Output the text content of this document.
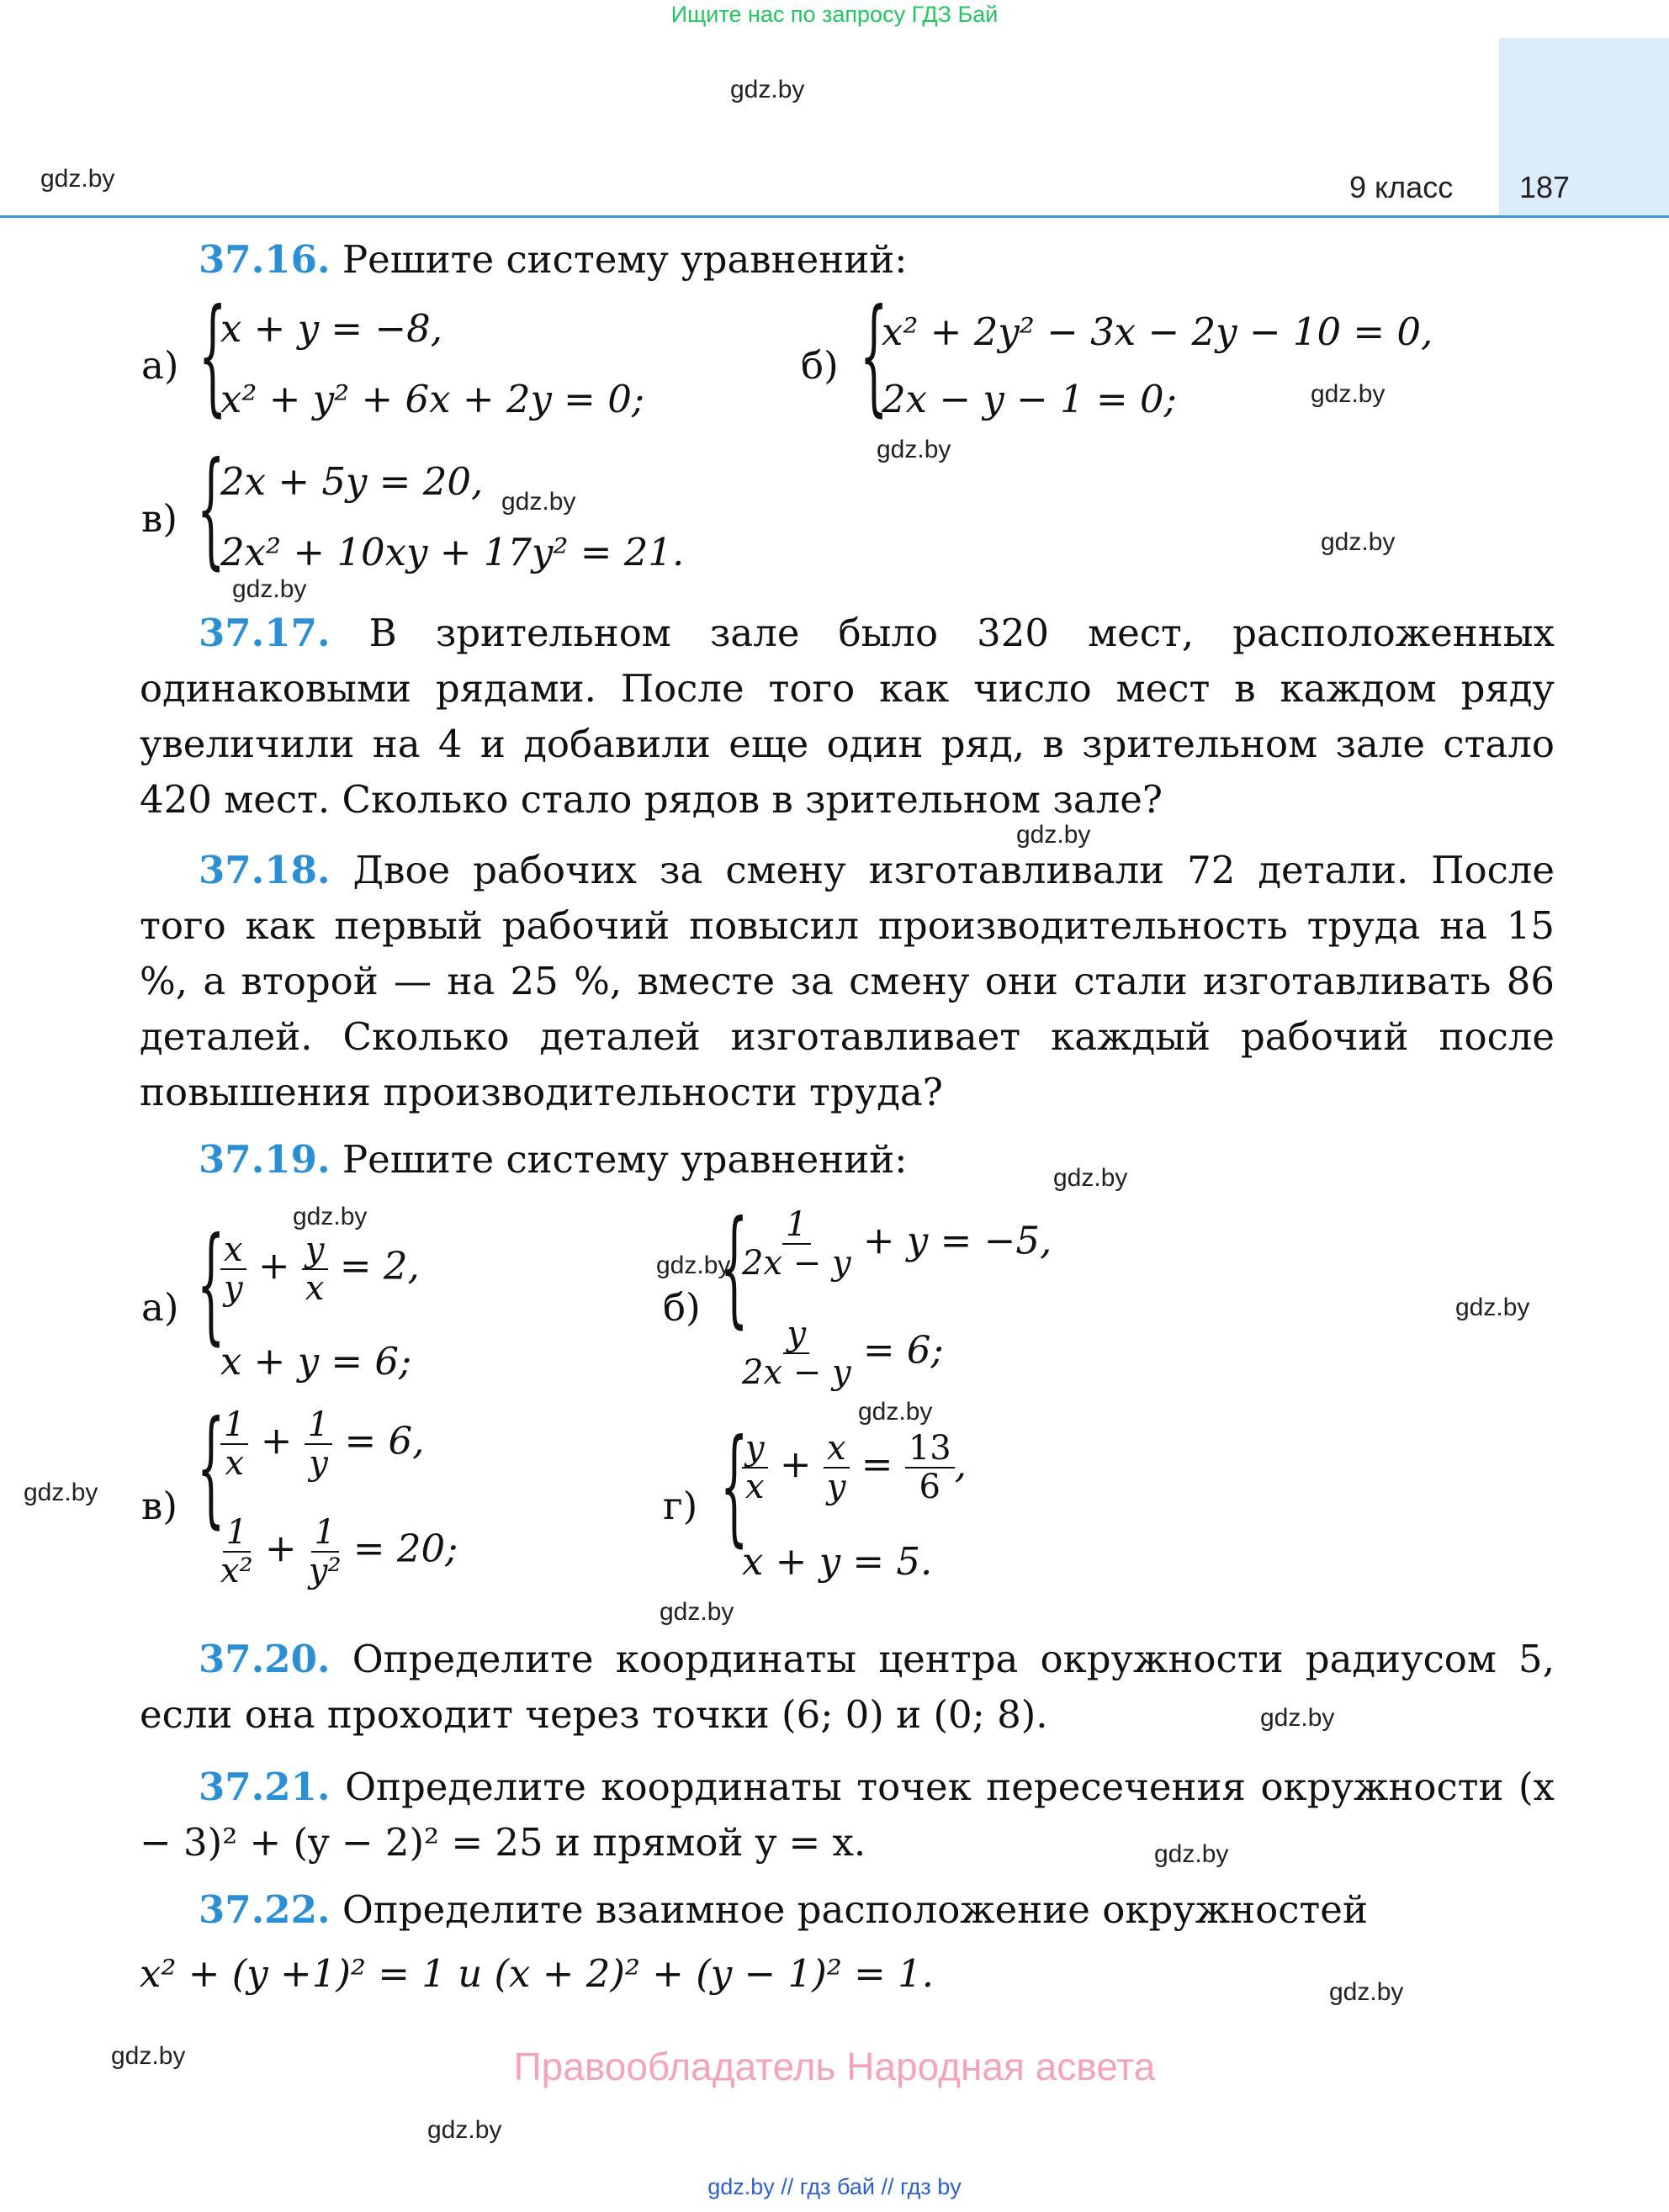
Ищите нас по запросу ГДЗ Бай
9 класс 187
gdz.by
gdz.by
gdz.by
gdz.by
gdz.by
gdz.by
gdz.by
gdz.by
gdz.by
gdz.by
gdz.by
gdz.by
gdz.by
gdz.by
gdz.by
gdz.by
gdz.by
gdz.by
gdz.by
gdz.by
37.16. Решите систему уравнений:
а) {
x + y = −8,
x² + y² + 6x + 2y = 0;
б) {
x² + 2y² − 3x − 2y − 10 = 0,
2x − y − 1 = 0;
в) {
2x + 5y = 20,
2x² + 10xy + 17y² = 21.
37.17. В зрительном зале было 320 мест, расположенных одинаковыми рядами. После того как число мест в каждом ряду увеличили на 4 и добавили еще один ряд, в зрительном зале стало 420 мест. Сколько стало рядов в зрительном зале?
37.18. Двое рабочих за смену изготавливали 72 детали. После того как первый рабочий повысил производительность труда на 15 %, а второй — на 25 %, вместе за смену они стали изготавливать 86 деталей. Сколько деталей изготавливает каждый рабочий после повышения производительности труда?
37.19. Решите систему уравнений:
а) {
$\frac{x}{y} + \frac{y}{x} = 2$,
x + y = 6;
б) {
$\frac{1}{2x - y} + y = -5$,
$\frac{y}{2x - y} = 6$;
в) {
$\frac{1}{x} + \frac{1}{y} = 6$,
$\frac{1}{\text{x²}} + \frac{1}{\text{y²}} = 20$;
г) {
$\frac{y}{x} + \frac{x}{y} = \frac{13}{6}$ ,
x + y = 5.
37.20. Определите координаты центра окружности радиусом 5, если она проходит через точки (6; 0) и (0; 8).
37.21. Определите координаты точек пересечения окружности (x − 3)² + (y − 2)² = 25 и прямой y = x.
37.22. Определите взаимное расположение окружностей
x² + (y +1)² = 1 и (x + 2)² + (y − 1)² = 1.
Правообладатель Народная асвета
gdz.by // гдз бай // гдз by
